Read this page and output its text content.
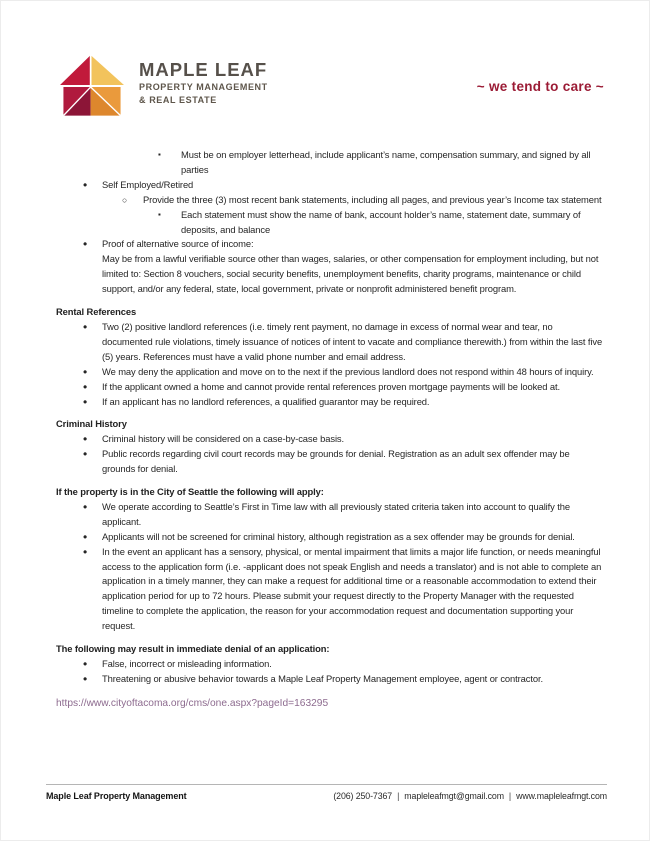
MAPLE LEAF
PROPERTY MANAGEMENT
& REAL ESTATE
~ we tend to care ~
▪ Must be on employer letterhead, include applicant’s name, compensation summary, and signed by all parties
• Self Employed/Retired
○ Provide the three (3) most recent bank statements, including all pages, and previous year’s Income tax statement
▪ Each statement must show the name of bank, account holder’s name, statement date, summary of deposits, and balance
• Proof of alternative source of income:
May be from a lawful verifiable source other than wages, salaries, or other compensation for employment including, but not limited to: Section 8 vouchers, social security benefits, unemployment benefits, charity programs, maintenance or child support, and/or any federal, state, local government, private or nonprofit administered benefit program.
Rental References
• Two (2) positive landlord references (i.e. timely rent payment, no damage in excess of normal wear and tear, no documented rule violations, timely issuance of notices of intent to vacate and compliance therewith.) from within the last five (5) years. References must have a valid phone number and email address.
• We may deny the application and move on to the next if the previous landlord does not respond within 48 hours of inquiry.
• If the applicant owned a home and cannot provide rental references proven mortgage payments will be looked at.
• If an applicant has no landlord references, a qualified guarantor may be required.
Criminal History
• Criminal history will be considered on a case-by-case basis.
• Public records regarding civil court records may be grounds for denial. Registration as an adult sex offender may be grounds for denial.
If the property is in the City of Seattle the following will apply:
• We operate according to Seattle’s First in Time law with all previously stated criteria taken into account to qualify the applicant.
• Applicants will not be screened for criminal history, although registration as a sex offender may be grounds for denial.
• In the event an applicant has a sensory, physical, or mental impairment that limits a major life function, or needs meaningful access to the application form (i.e. -applicant does not speak English and needs a translator) and is not able to complete an application in a timely manner, they can make a request for additional time or a reasonable accommodation to extend their application period for up to 72 hours. Please submit your request directly to the Property Manager with the requested timeline to complete the application, the reason for your accommodation request and documentation supporting your request.
The following may result in immediate denial of an application:
• False, incorrect or misleading information.
• Threatening or abusive behavior towards a Maple Leaf Property Management employee, agent or contractor.
https://www.cityoftacoma.org/cms/one.aspx?pageId=163295
Maple Leaf Property Management	(206) 250-7367 | mapleleafmgt@gmail.com | www.mapleleafmgt.com
